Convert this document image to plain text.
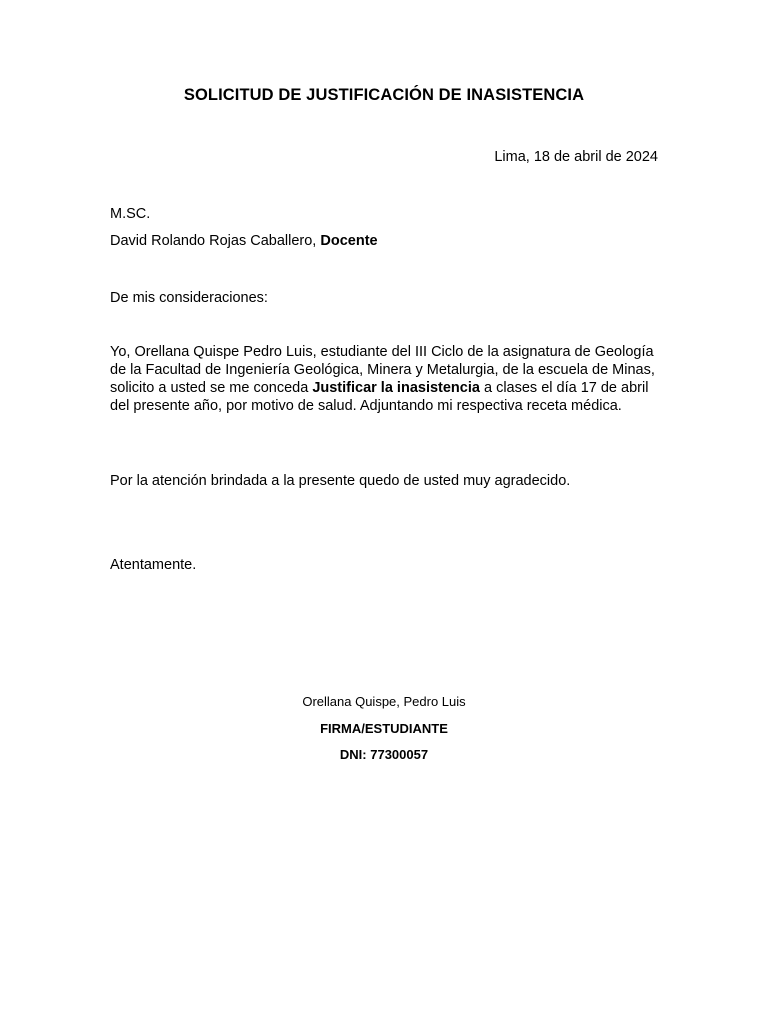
SOLICITUD DE JUSTIFICACIÓN DE INASISTENCIA

Lima, 18 de abril de 2024

M.SC.

David Rolando Rojas Caballero, Docente

De mis consideraciones:

Yo, Orellana Quispe Pedro Luis, estudiante del III Ciclo de la asignatura de Geología de la Facultad de Ingeniería Geológica, Minera y Metalurgia, de la escuela de Minas, solicito a usted se me conceda Justificar la inasistencia a clases el día 17 de abril del presente año, por motivo de salud. Adjuntando mi respectiva receta médica.

Por la atención brindada a la presente quedo de usted muy agradecido.

Atentamente.

Orellana Quispe, Pedro Luis

FIRMA/ESTUDIANTE

DNI: 77300057
